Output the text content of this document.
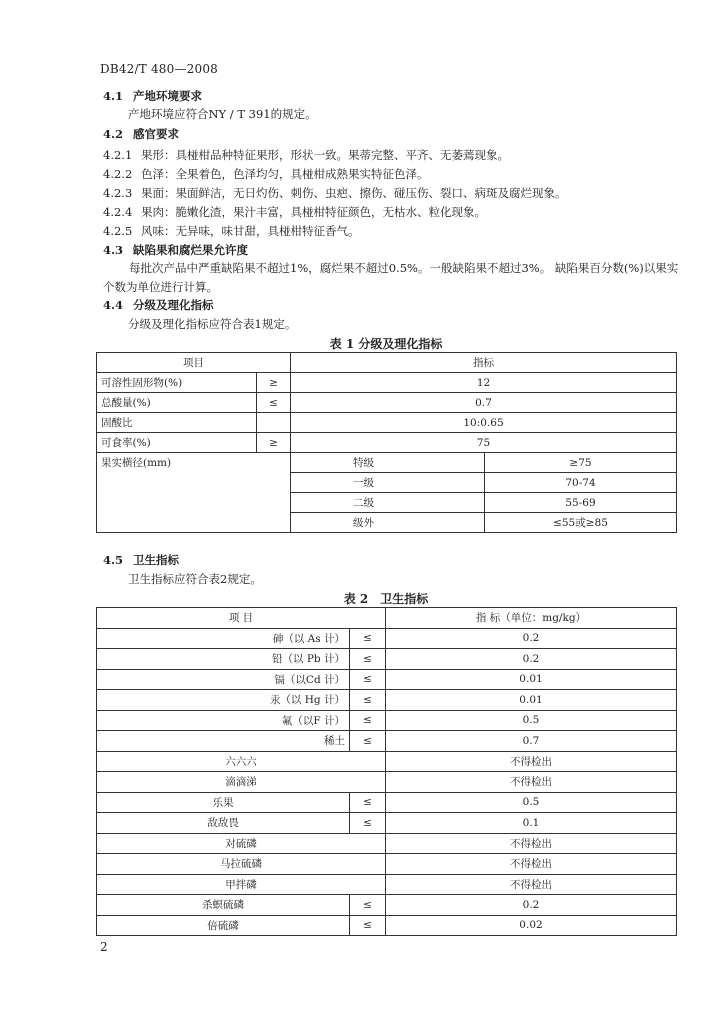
DB42/T 480—2008
4.1 产地环境要求
产地环境应符合NY / T 391的规定。
4.2 感官要求
4.2.1 果形：具椪柑品种特征果形，形状一致。果蒂完整、平齐、无萎蔫现象。
4.2.2 色泽：全果着色，色泽均匀，具椪柑成熟果实特征色泽。
4.2.3 果面：果面鲜洁，无日灼伤、刺伤、虫疤、擦伤、碰压伤、裂口、病斑及腐烂现象。
4.2.4 果肉：脆嫩化渣，果汁丰富，具椪柑特征颜色，无枯水、粒化现象。
4.2.5 风味：无异味，味甘甜，具椪柑特征香气。
4.3 缺陷果和腐烂果允许度
每批次产品中严重缺陷果不超过1%，腐烂果不超过0.5%。一般缺陷果不超过3%。 缺陷果百分数(%)以果实个数为单位进行计算。
4.4 分级及理化指标
分级及理化指标应符合表1规定。
表 1 分级及理化指标
项目		指标	
可溶性固形物(%)	≥	12	
总酸量(%)	≤	0.7	
固酸比		10:0.65	
可食率(%)	≥	75	
果实横径(mm)		特级	≥75
		一级	70-74
		二级	55-69
		级外	≤55或≥85
4.5 卫生指标
卫生指标应符合表2规定。
表 2　卫生指标
项 目		指 标（单位：mg/kg）
砷（以 As 计）	≤	0.2
铅（以 Pb 计）	≤	0.2
镉（以Cd 计）	≤	0.01
汞（以 Hg 计）	≤	0.01
氟（以F 计）	≤	0.5
稀土	≤	0.7
六六六		不得检出
滴滴涕		不得检出
乐果	≤	0.5
敌敌畏	≤	0.1
对硫磷		不得检出
马拉硫磷		不得检出
甲拌磷		不得检出
杀螟硫磷	≤	0.2
倍硫磷	≤	0.02
2
